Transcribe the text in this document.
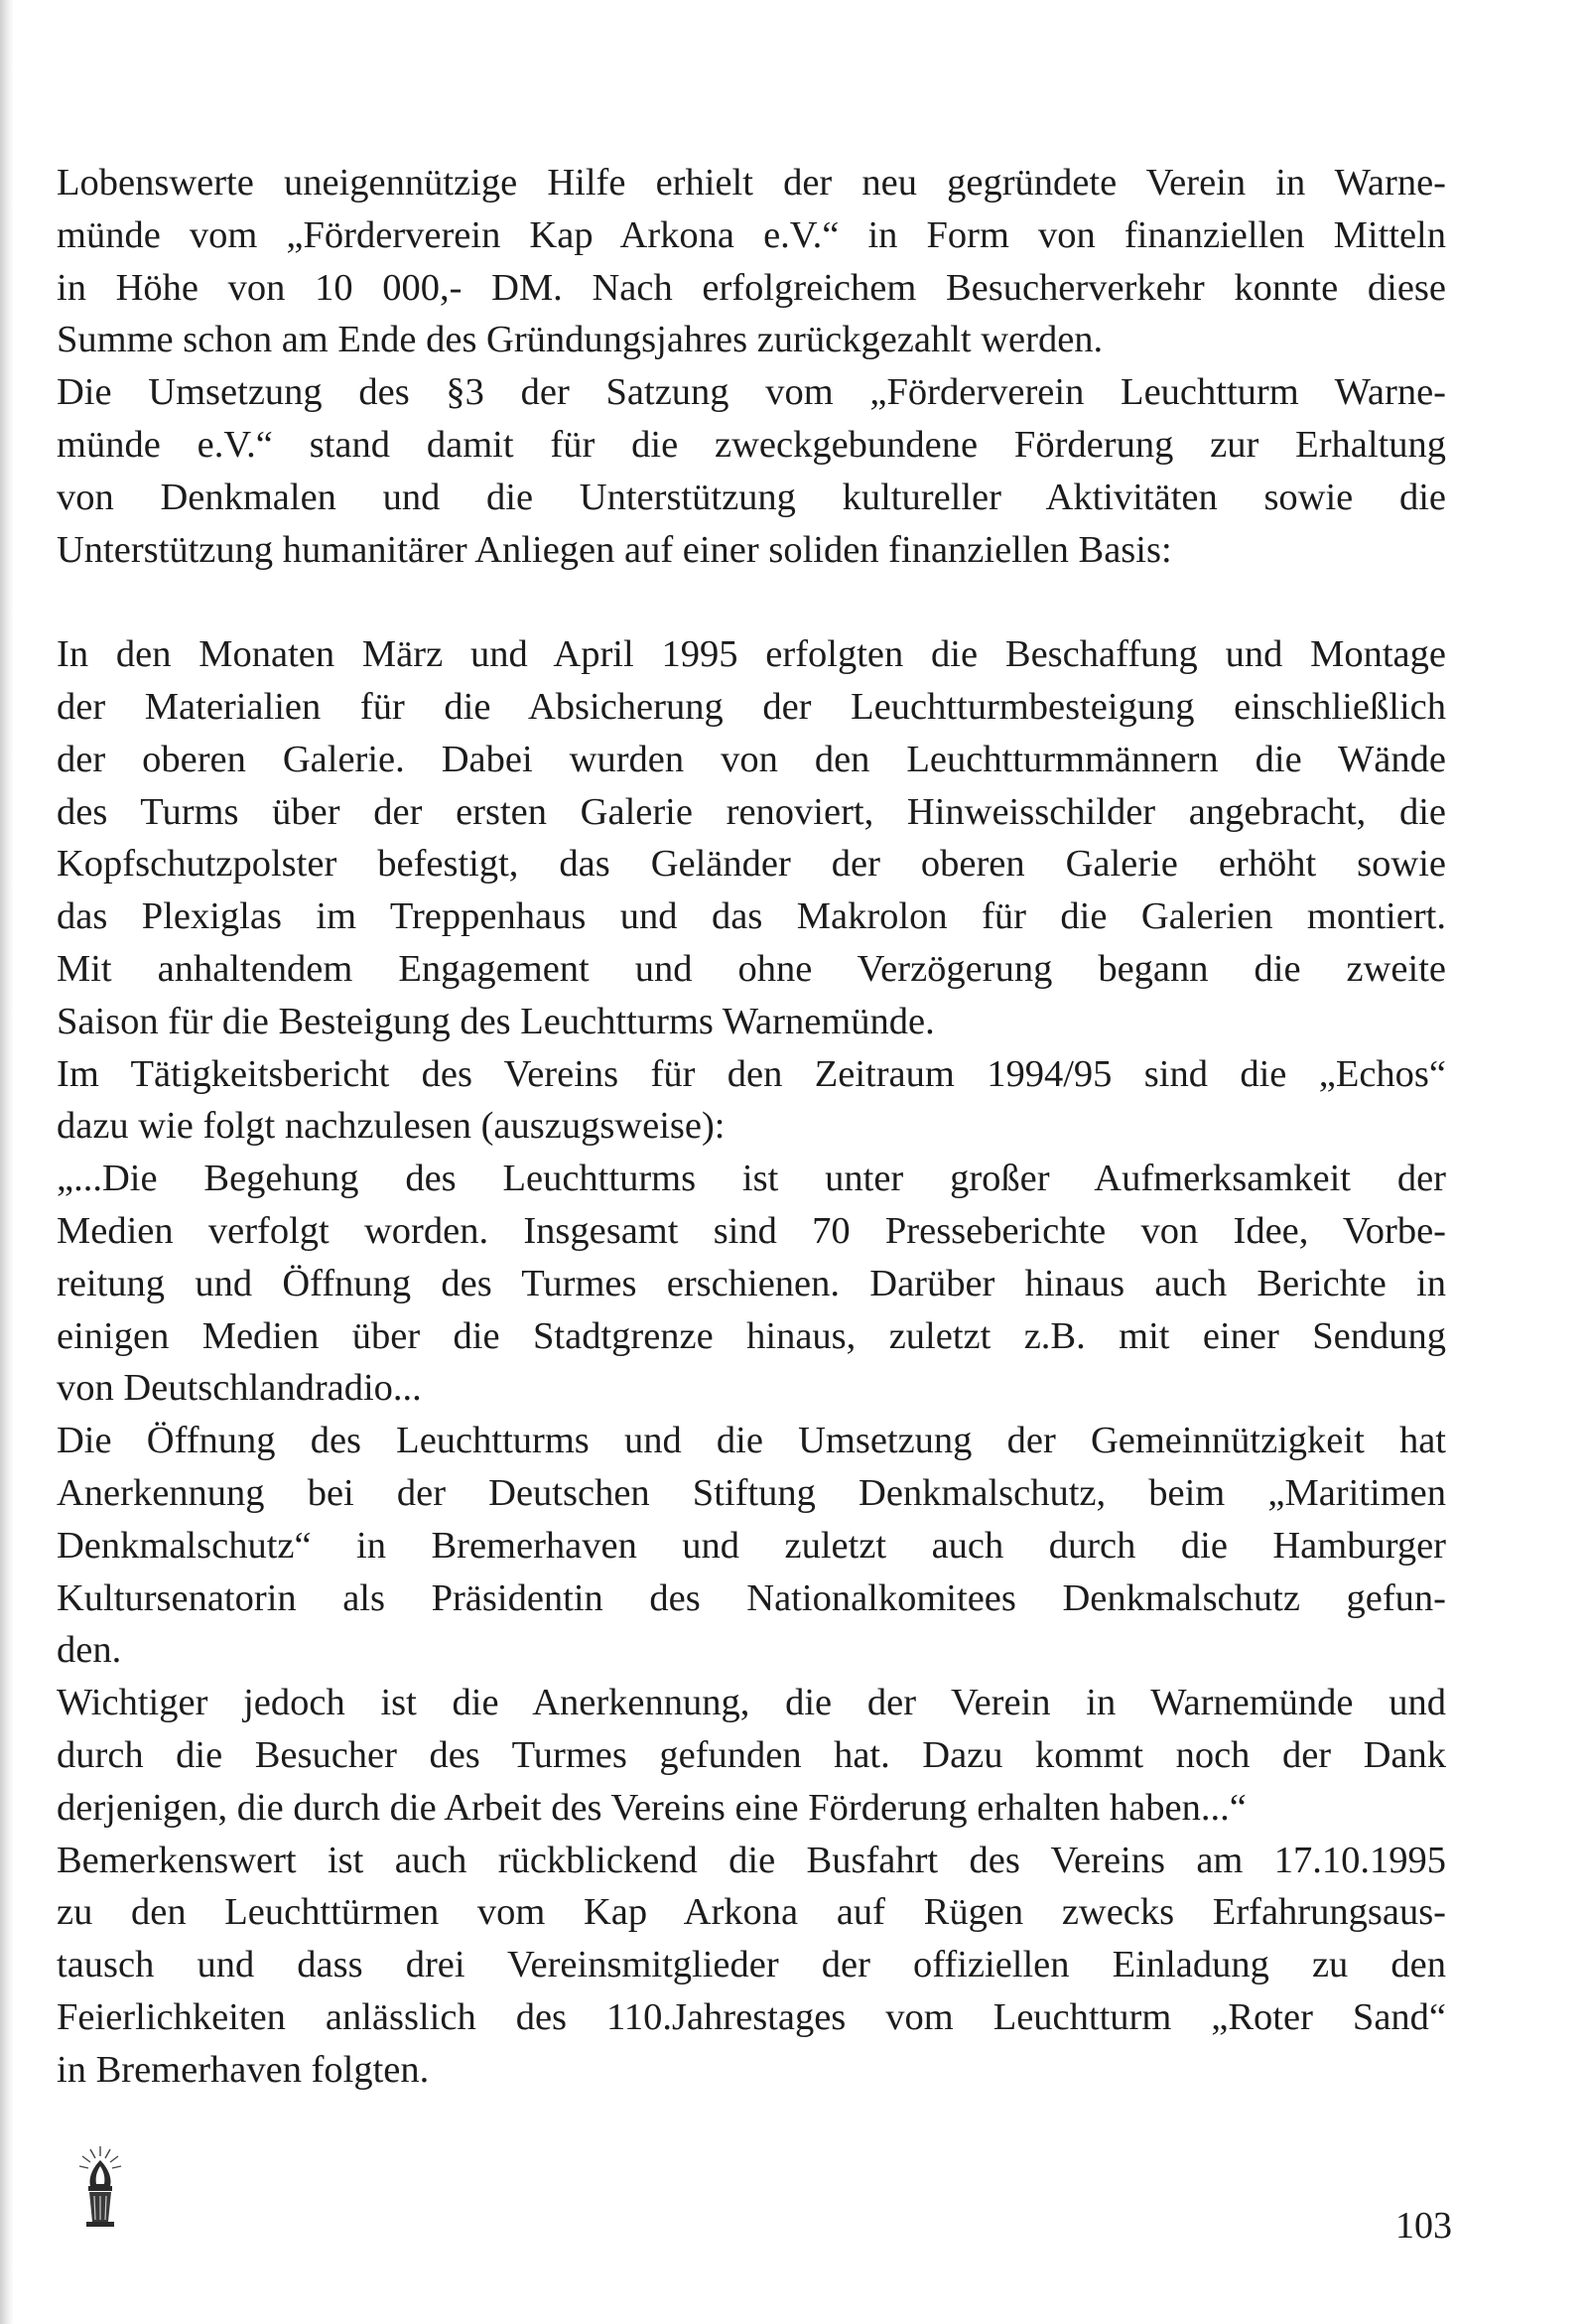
Lobenswerte uneigennützige Hilfe erhielt der neu gegründete Verein in Warne-
münde vom „Förderverein Kap Arkona e.V.“ in Form von finanziellen Mitteln
in Höhe von 10 000,- DM. Nach erfolgreichem Besucherverkehr konnte diese
Summe schon am Ende des Gründungsjahres zurückgezahlt werden.

Die Umsetzung des §3 der Satzung vom „Förderverein Leuchtturm Warne-
münde e.V.“ stand damit für die zweckgebundene Förderung zur Erhaltung
von Denkmalen und die Unterstützung kultureller Aktivitäten sowie die
Unterstützung humanitärer Anliegen auf einer soliden finanziellen Basis:

In den Monaten März und April 1995 erfolgten die Beschaffung und Montage
der Materialien für die Absicherung der Leuchtturmbesteigung einschließlich
der oberen Galerie. Dabei wurden von den Leuchtturmmännern die Wände
des Turms über der ersten Galerie renoviert, Hinweisschilder angebracht, die
Kopfschutzpolster befestigt, das Geländer der oberen Galerie erhöht sowie
das Plexiglas im Treppenhaus und das Makrolon für die Galerien montiert.
Mit anhaltendem Engagement und ohne Verzögerung begann die zweite
Saison für die Besteigung des Leuchtturms Warnemünde.

Im Tätigkeitsbericht des Vereins für den Zeitraum 1994/95 sind die „Echos“
dazu wie folgt nachzulesen (auszugsweise):

„...Die Begehung des Leuchtturms ist unter großer Aufmerksamkeit der
Medien verfolgt worden. Insgesamt sind 70 Presseberichte von Idee, Vorbe-
reitung und Öffnung des Turmes erschienen. Darüber hinaus auch Berichte in
einigen Medien über die Stadtgrenze hinaus, zuletzt z.B. mit einer Sendung
von Deutschlandradio...

Die Öffnung des Leuchtturms und die Umsetzung der Gemeinnützigkeit hat
Anerkennung bei der Deutschen Stiftung Denkmalschutz, beim „Maritimen
Denkmalschutz“ in Bremerhaven und zuletzt auch durch die Hamburger
Kultursenatorin als Präsidentin des Nationalkomitees Denkmalschutz gefun-
den.

Wichtiger jedoch ist die Anerkennung, die der Verein in Warnemünde und
durch die Besucher des Turmes gefunden hat. Dazu kommt noch der Dank
derjenigen, die durch die Arbeit des Vereins eine Förderung erhalten haben...“

Bemerkenswert ist auch rückblickend die Busfahrt des Vereins am 17.10.1995
zu den Leuchttürmen vom Kap Arkona auf Rügen zwecks Erfahrungsaus-
tausch und dass drei Vereinsmitglieder der offiziellen Einladung zu den
Feierlichkeiten anlässlich des 110.Jahrestages vom Leuchtturm „Roter Sand“
in Bremerhaven folgten.

103
